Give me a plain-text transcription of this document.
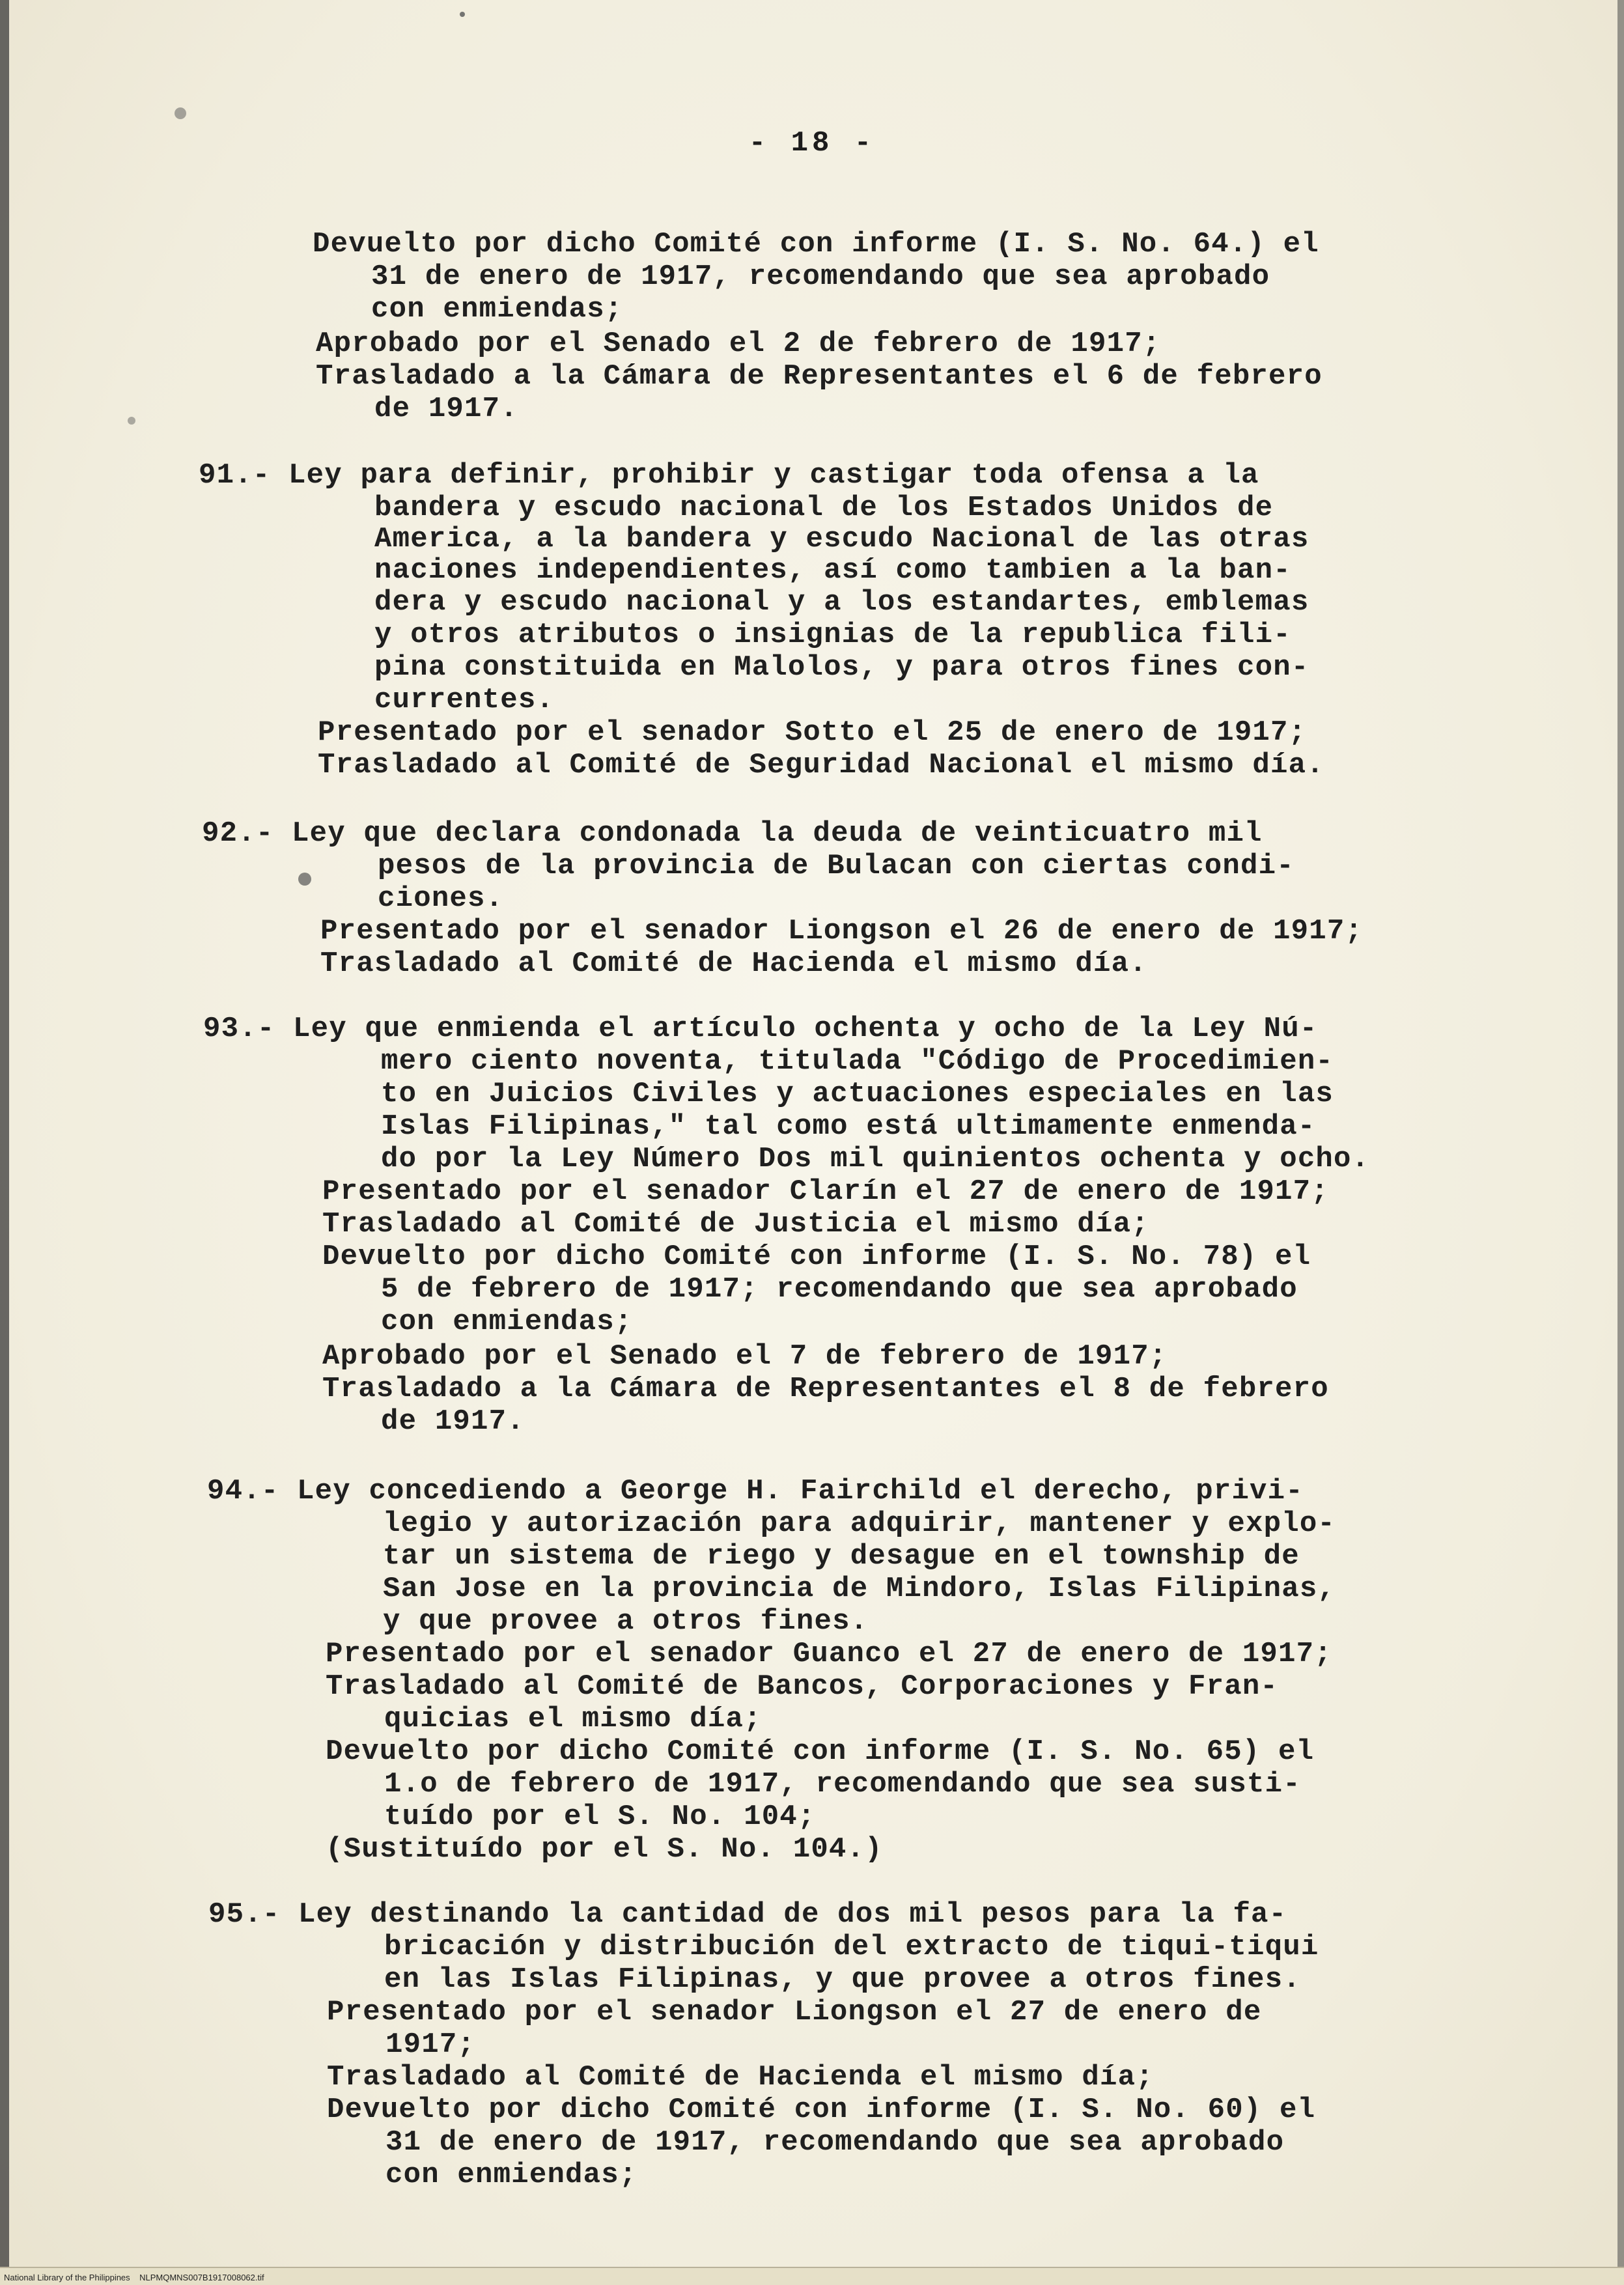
- 18 -
Devuelto por dicho Comité con informe (I. S. No. 64.) el
31 de enero de 1917, recomendando que sea aprobado
con enmiendas;
Aprobado por el Senado el 2 de febrero de 1917;
Trasladado a la Cámara de Representantes el 6 de febrero
de 1917.
91.- Ley para definir, prohibir y castigar toda ofensa a la
bandera y escudo nacional de los Estados Unidos de
America, a la bandera y escudo Nacional de las otras
naciones independientes, así como tambien a la ban-
dera y escudo nacional y a los estandartes, emblemas
y otros atributos o insignias de la republica fili-
pina constituida en Malolos, y para otros fines con-
currentes.
Presentado por el senador Sotto el 25 de enero de 1917;
Trasladado al Comité de Seguridad Nacional el mismo día.
92.- Ley que declara condonada la deuda de veinticuatro mil
pesos de la provincia de Bulacan con ciertas condi-
ciones.
Presentado por el senador Liongson el 26 de enero de 1917;
Trasladado al Comité de Hacienda el mismo día.
93.- Ley que enmienda el artículo ochenta y ocho de la Ley Nú-
mero ciento noventa, titulada "Código de Procedimien-
to en Juicios Civiles y actuaciones especiales en las
Islas Filipinas," tal como está ultimamente enmenda-
do por la Ley Número Dos mil quinientos ochenta y ocho.
Presentado por el senador Clarín el 27 de enero de 1917;
Trasladado al Comité de Justicia el mismo día;
Devuelto por dicho Comité con informe (I. S. No. 78) el
5 de febrero de 1917; recomendando que sea aprobado
con enmiendas;
Aprobado por el Senado el 7 de febrero de 1917;
Trasladado a la Cámara de Representantes el 8 de febrero
de 1917.
94.- Ley concediendo a George H. Fairchild el derecho, privi-
legio y autorización para adquirir, mantener y explo-
tar un sistema de riego y desague en el township de
San Jose en la provincia de Mindoro, Islas Filipinas,
y que provee a otros fines.
Presentado por el senador Guanco el 27 de enero de 1917;
Trasladado al Comité de Bancos, Corporaciones y Fran-
quicias el mismo día;
Devuelto por dicho Comité con informe (I. S. No. 65) el
1.o de febrero de 1917, recomendando que sea susti-
tuído por el S. No. 104;
(Sustituído por el S. No. 104.)
95.- Ley destinando la cantidad de dos mil pesos para la fa-
bricación y distribución del extracto de tiqui-tiqui
en las Islas Filipinas, y que provee a otros fines.
Presentado por el senador Liongson el 27 de enero de
1917;
Trasladado al Comité de Hacienda el mismo día;
Devuelto por dicho Comité con informe (I. S. No. 60) el
31 de enero de 1917, recomendando que sea aprobado
con enmiendas;
National Library of the Philippines    NLPMQMNS007B1917008062.tif
